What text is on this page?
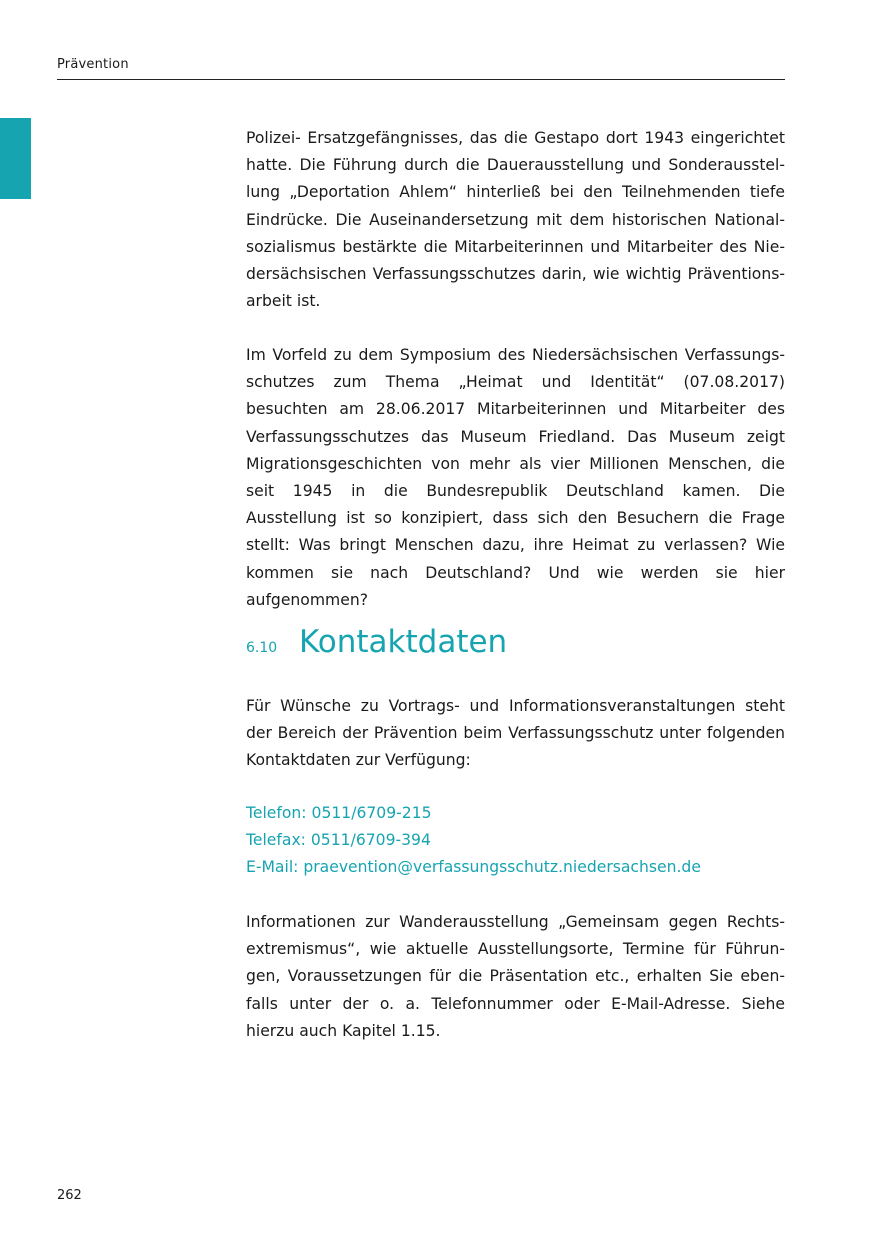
Prävention

Polizei- Ersatzgefängnisses, das die Gestapo dort 1943 eingerichtet hatte. Die Führung durch die Dauerausstellung und Sonderausstellung „Deportation Ahlem“ hinterließ bei den Teilnehmenden tiefe Eindrücke. Die Auseinandersetzung mit dem historischen Nationalsozialismus bestärkte die Mitarbeiterinnen und Mitarbeiter des Niedersächsischen Verfassungsschutzes darin, wie wichtig Präventionsarbeit ist.

Im Vorfeld zu dem Symposium des Niedersächsischen Verfassungsschutzes zum Thema „Heimat und Identität“ (07.08.2017) besuchten am 28.06.2017 Mitarbeiterinnen und Mitarbeiter des Verfassungsschutzes das Museum Friedland. Das Museum zeigt Migrationsgeschichten von mehr als vier Millionen Menschen, die seit 1945 in die Bundesrepublik Deutschland kamen. Die Ausstellung ist so konzipiert, dass sich den Besuchern die Frage stellt: Was bringt Menschen dazu, ihre Heimat zu verlassen? Wie kommen sie nach Deutschland? Und wie werden sie hier aufgenommen?

6.10 Kontaktdaten

Für Wünsche zu Vortrags- und Informationsveranstaltungen steht der Bereich der Prävention beim Verfassungsschutz unter folgenden Kontaktdaten zur Verfügung:

Telefon: 0511/6709-215
Telefax: 0511/6709-394
E-Mail: praevention@verfassungsschutz.niedersachsen.de

Informationen zur Wanderausstellung „Gemeinsam gegen Rechtsextremismus“, wie aktuelle Ausstellungsorte, Termine für Führungen, Voraussetzungen für die Präsentation etc., erhalten Sie ebenfalls unter der o. a. Telefonnummer oder E-Mail-Adresse. Siehe hierzu auch Kapitel 1.15.

262
